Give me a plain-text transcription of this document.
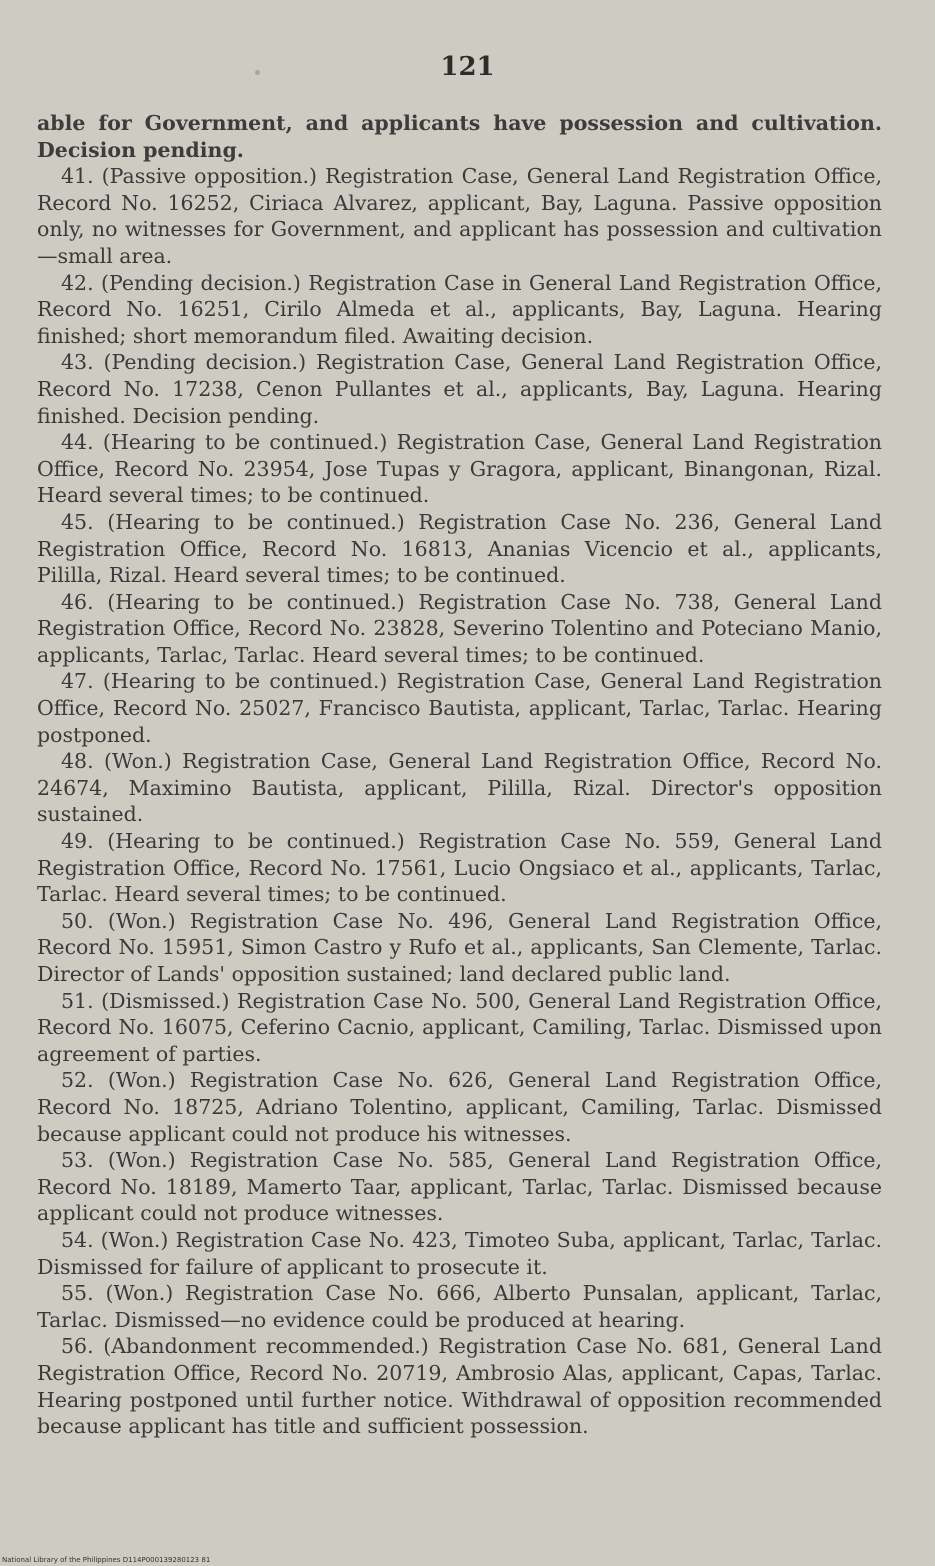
121

able for Government, and applicants have possession and cultivation. Decision pending.

41. (Passive opposition.) Registration Case, General Land Registration Office, Record No. 16252, Ciriaca Alvarez, applicant, Bay, Laguna. Passive opposition only, no witnesses for Government, and applicant has possession and cultivation—small area.

42. (Pending decision.) Registration Case in General Land Registration Office, Record No. 16251, Cirilo Almeda et al., applicants, Bay, Laguna. Hearing finished; short memorandum filed. Awaiting decision.

43. (Pending decision.) Registration Case, General Land Registration Office, Record No. 17238, Cenon Pullantes et al., applicants, Bay, Laguna. Hearing finished. Decision pending.

44. (Hearing to be continued.) Registration Case, General Land Registration Office, Record No. 23954, Jose Tupas y Gragora, applicant, Binangonan, Rizal. Heard several times; to be continued.

45. (Hearing to be continued.) Registration Case No. 236, General Land Registration Office, Record No. 16813, Ananias Vicencio et al., applicants, Pililla, Rizal. Heard several times; to be continued.

46. (Hearing to be continued.) Registration Case No. 738, General Land Registration Office, Record No. 23828, Severino Tolentino and Poteciano Manio, applicants, Tarlac, Tarlac. Heard several times; to be continued.

47. (Hearing to be continued.) Registration Case, General Land Registration Office, Record No. 25027, Francisco Bautista, applicant, Tarlac, Tarlac. Hearing postponed.

48. (Won.) Registration Case, General Land Registration Office, Record No. 24674, Maximino Bautista, applicant, Pililla, Rizal. Director's opposition sustained.

49. (Hearing to be continued.) Registration Case No. 559, General Land Registration Office, Record No. 17561, Lucio Ongsiaco et al., applicants, Tarlac, Tarlac. Heard several times; to be continued.

50. (Won.) Registration Case No. 496, General Land Registration Office, Record No. 15951, Simon Castro y Rufo et al., applicants, San Clemente, Tarlac. Director of Lands' opposition sustained; land declared public land.

51. (Dismissed.) Registration Case No. 500, General Land Registration Office, Record No. 16075, Ceferino Cacnio, applicant, Camiling, Tarlac. Dismissed upon agreement of parties.

52. (Won.) Registration Case No. 626, General Land Registration Office, Record No. 18725, Adriano Tolentino, applicant, Camiling, Tarlac. Dismissed because applicant could not produce his witnesses.

53. (Won.) Registration Case No. 585, General Land Registration Office, Record No. 18189, Mamerto Taar, applicant, Tarlac, Tarlac. Dismissed because applicant could not produce witnesses.

54. (Won.) Registration Case No. 423, Timoteo Suba, applicant, Tarlac, Tarlac. Dismissed for failure of applicant to prosecute it.

55. (Won.) Registration Case No. 666, Alberto Punsalan, applicant, Tarlac, Tarlac. Dismissed—no evidence could be produced at hearing.

56. (Abandonment recommended.) Registration Case No. 681, General Land Registration Office, Record No. 20719, Ambrosio Alas, applicant, Capas, Tarlac. Hearing postponed until further notice. Withdrawal of opposition recommended because applicant has title and sufficient possession.

National Library of the Philippines D114P000139280123 81
